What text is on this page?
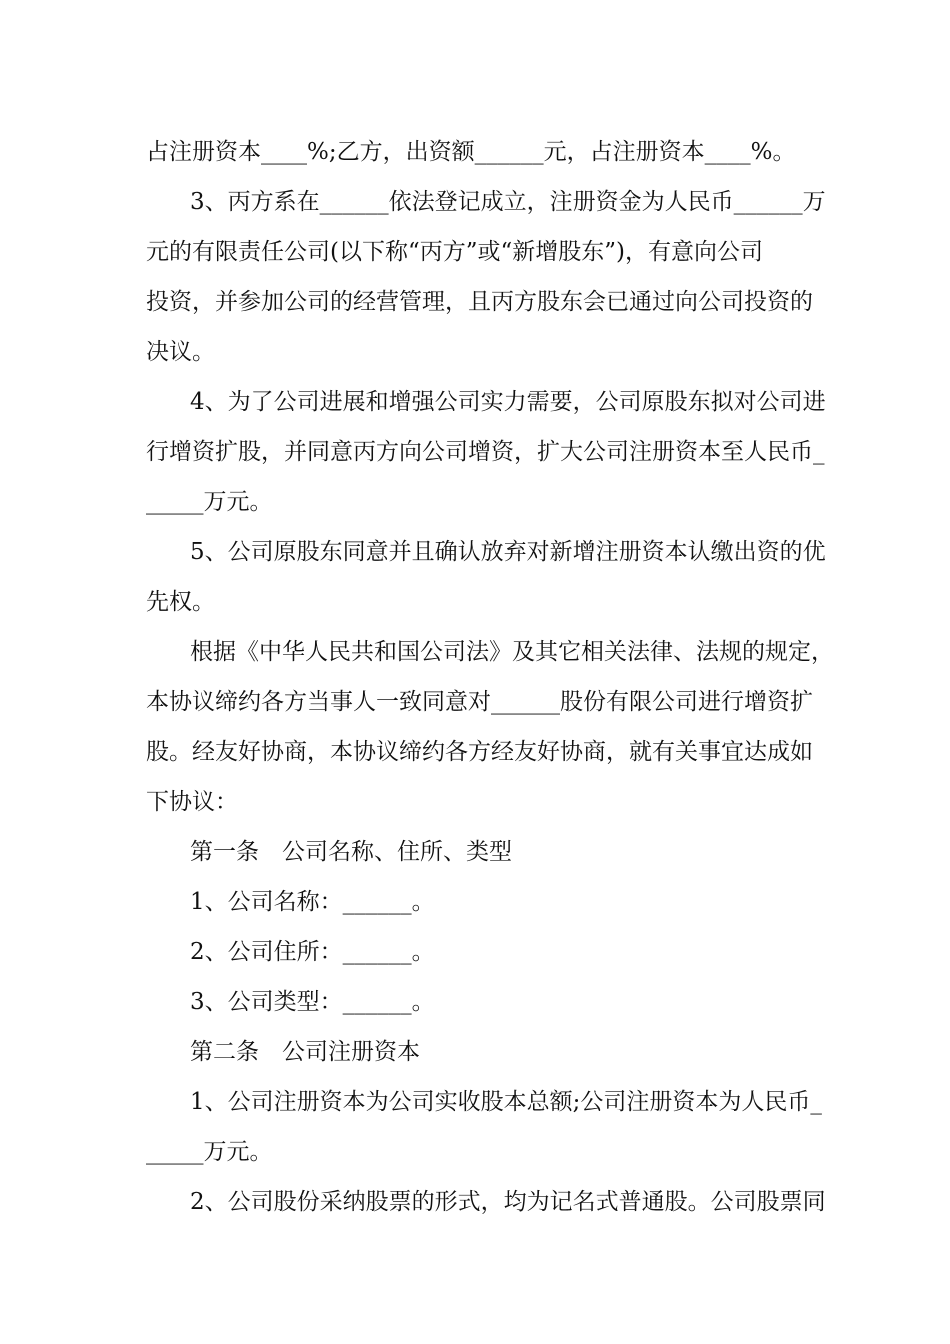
占注册资本____%;乙方，出资额______元，占注册资本____%。
3、丙方系在______依法登记成立，注册资金为人民币______万
元的有限责任公司(以下称“丙方”或“新增股东”)，有意向公司
投资，并参加公司的经营管理，且丙方股东会已通过向公司投资的
决议。
4、为了公司进展和增强公司实力需要，公司原股东拟对公司进
行增资扩股，并同意丙方向公司增资，扩大公司注册资本至人民币_
_____万元。
5、公司原股东同意并且确认放弃对新增注册资本认缴出资的优
先权。
根据《中华人民共和国公司法》及其它相关法律、法规的规定，
本协议缔约各方当事人一致同意对______股份有限公司进行增资扩
股。经友好协商，本协议缔约各方经友好协商，就有关事宜达成如
下协议：
第一条　公司名称、住所、类型
1、公司名称：______。
2、公司住所：______。
3、公司类型：______。
第二条　公司注册资本
1、公司注册资本为公司实收股本总额;公司注册资本为人民币_
_____万元。
2、公司股份采纳股票的形式，均为记名式普通股。公司股票同
